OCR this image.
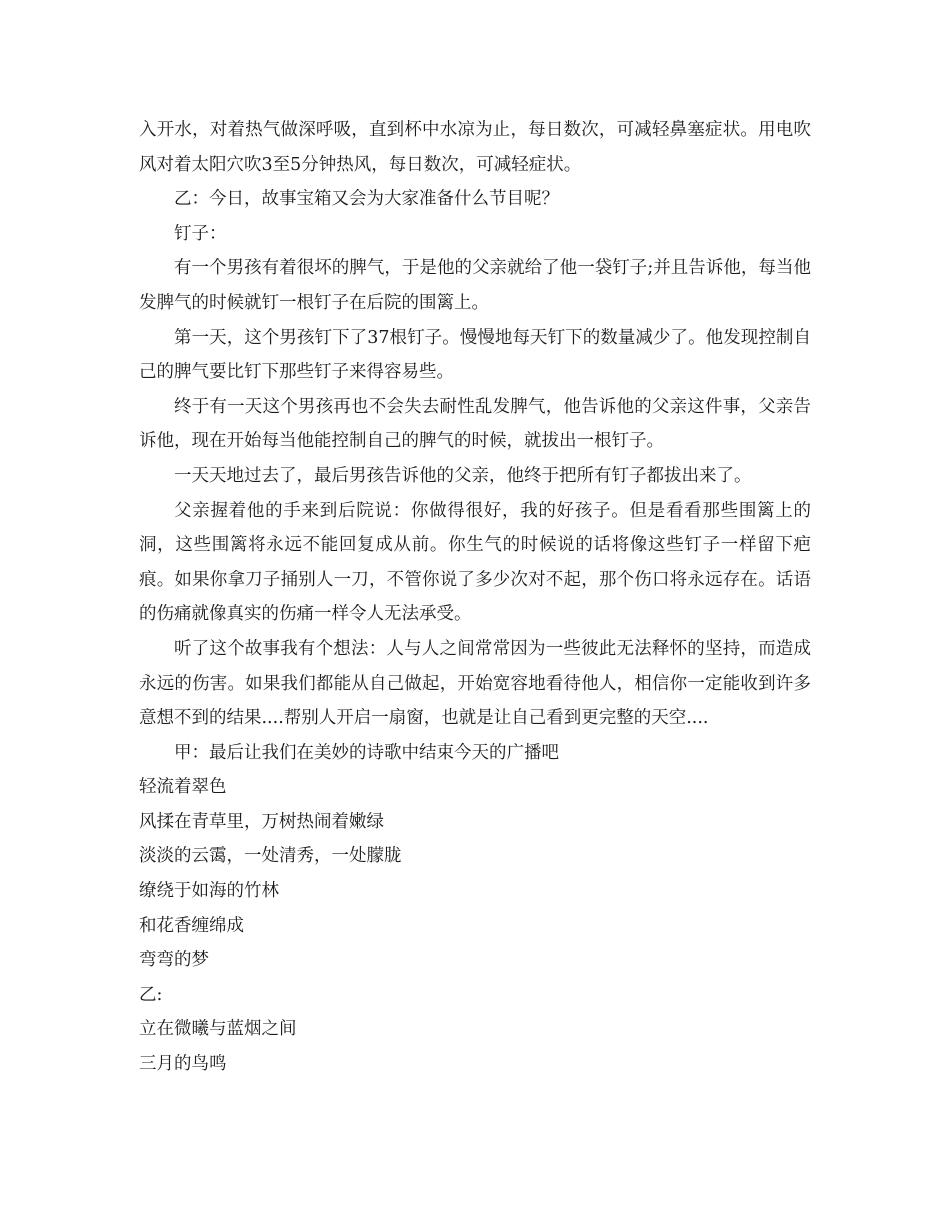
入开水，对着热气做深呼吸，直到杯中水凉为止，每日数次，可减轻鼻塞症状。用电吹风对着太阳穴吹3至5分钟热风，每日数次，可减轻症状。

乙：今日，故事宝箱又会为大家准备什么节目呢？

钉子：

有一个男孩有着很坏的脾气，于是他的父亲就给了他一袋钉子;并且告诉他，每当他发脾气的时候就钉一根钉子在后院的围篱上。

第一天，这个男孩钉下了37根钉子。慢慢地每天钉下的数量减少了。他发现控制自己的脾气要比钉下那些钉子来得容易些。

终于有一天这个男孩再也不会失去耐性乱发脾气，他告诉他的父亲这件事，父亲告诉他，现在开始每当他能控制自己的脾气的时候，就拔出一根钉子。

一天天地过去了，最后男孩告诉他的父亲，他终于把所有钉子都拔出来了。

父亲握着他的手来到后院说：你做得很好，我的好孩子。但是看看那些围篱上的洞，这些围篱将永远不能回复成从前。你生气的时候说的话将像这些钉子一样留下疤痕。如果你拿刀子捅别人一刀，不管你说了多少次对不起，那个伤口将永远存在。话语的伤痛就像真实的伤痛一样令人无法承受。

听了这个故事我有个想法：人与人之间常常因为一些彼此无法释怀的坚持，而造成永远的伤害。如果我们都能从自己做起，开始宽容地看待他人，相信你一定能收到许多意想不到的结果....帮别人开启一扇窗，也就是让自己看到更完整的天空....

甲：最后让我们在美妙的诗歌中结束今天的广播吧

轻流着翠色

风揉在青草里，万树热闹着嫩绿

淡淡的云霭，一处清秀，一处朦胧

缭绕于如海的竹林

和花香缠绵成

弯弯的梦

乙:

立在微曦与蓝烟之间

三月的鸟鸣
